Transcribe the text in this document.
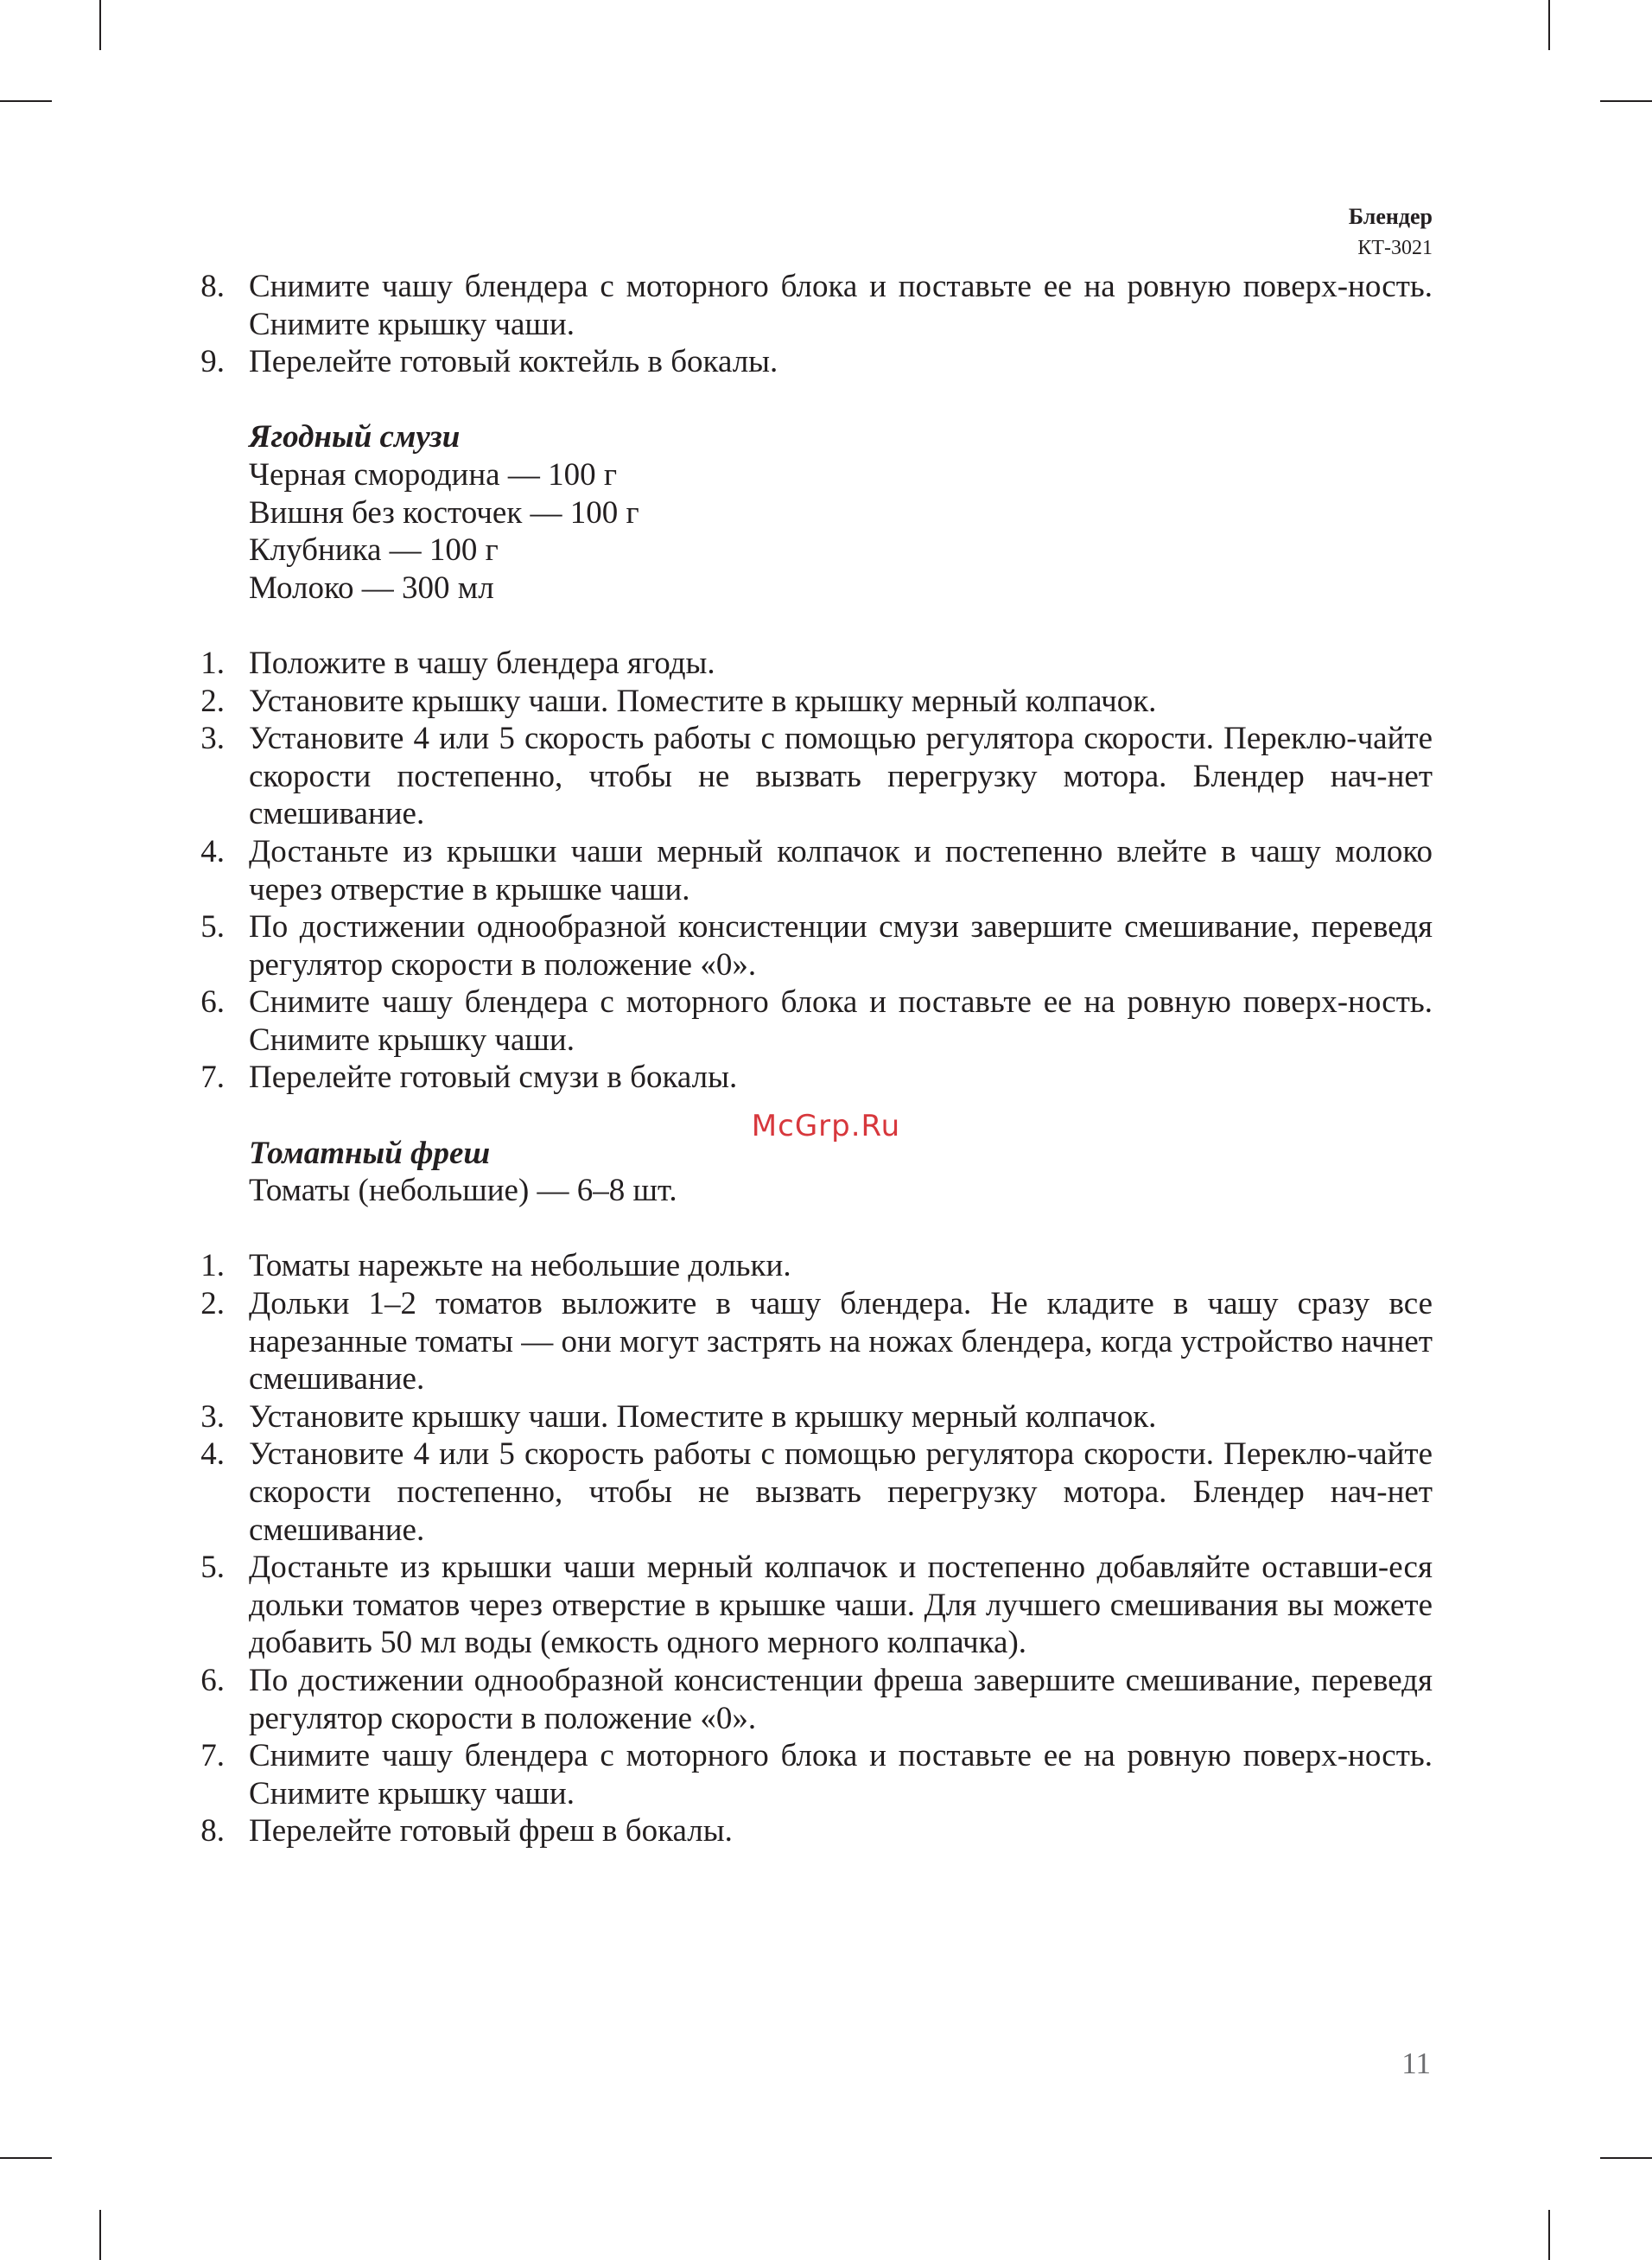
Блендер
КТ-3021
8. Снимите чашу блендера с моторного блока и поставьте ее на ровную поверх-ность. Снимите крышку чаши.
9. Перелейте готовый коктейль в бокалы.
Ягодный смузи
Черная смородина — 100 г
Вишня без косточек — 100 г
Клубника — 100 г
Молоко — 300 мл
1. Положите в чашу блендера ягоды.
2. Установите крышку чаши. Поместите в крышку мерный колпачок.
3. Установите 4 или 5 скорость работы с помощью регулятора скорости. Переклю-чайте скорости постепенно, чтобы не вызвать перегрузку мотора. Блендер нач-нет смешивание.
4. Достаньте из крышки чаши мерный колпачок и постепенно влейте в чашу молоко через отверстие в крышке чаши.
5. По достижении однообразной консистенции смузи завершите смешивание, переведя регулятор скорости в положение «0».
6. Снимите чашу блендера с моторного блока и поставьте ее на ровную поверх-ность. Снимите крышку чаши.
7. Перелейте готовый смузи в бокалы.
Томатный фреш
Томаты (небольшие) — 6–8 шт.
1. Томаты нарежьте на небольшие дольки.
2. Дольки 1–2 томатов выложите в чашу блендера. Не кладите в чашу сразу все нарезанные томаты — они могут застрять на ножах блендера, когда устройство начнет смешивание.
3. Установите крышку чаши. Поместите в крышку мерный колпачок.
4. Установите 4 или 5 скорость работы с помощью регулятора скорости. Переклю-чайте скорости постепенно, чтобы не вызвать перегрузку мотора. Блендер нач-нет смешивание.
5. Достаньте из крышки чаши мерный колпачок и постепенно добавляйте оставши-еся дольки томатов через отверстие в крышке чаши. Для лучшего смешивания вы можете добавить 50 мл воды (емкость одного мерного колпачка).
6. По достижении однообразной консистенции фреша завершите смешивание, переведя регулятор скорости в положение «0».
7. Снимите чашу блендера с моторного блока и поставьте ее на ровную поверх-ность. Снимите крышку чаши.
8. Перелейте готовый фреш в бокалы.
McGrp.Ru
11
